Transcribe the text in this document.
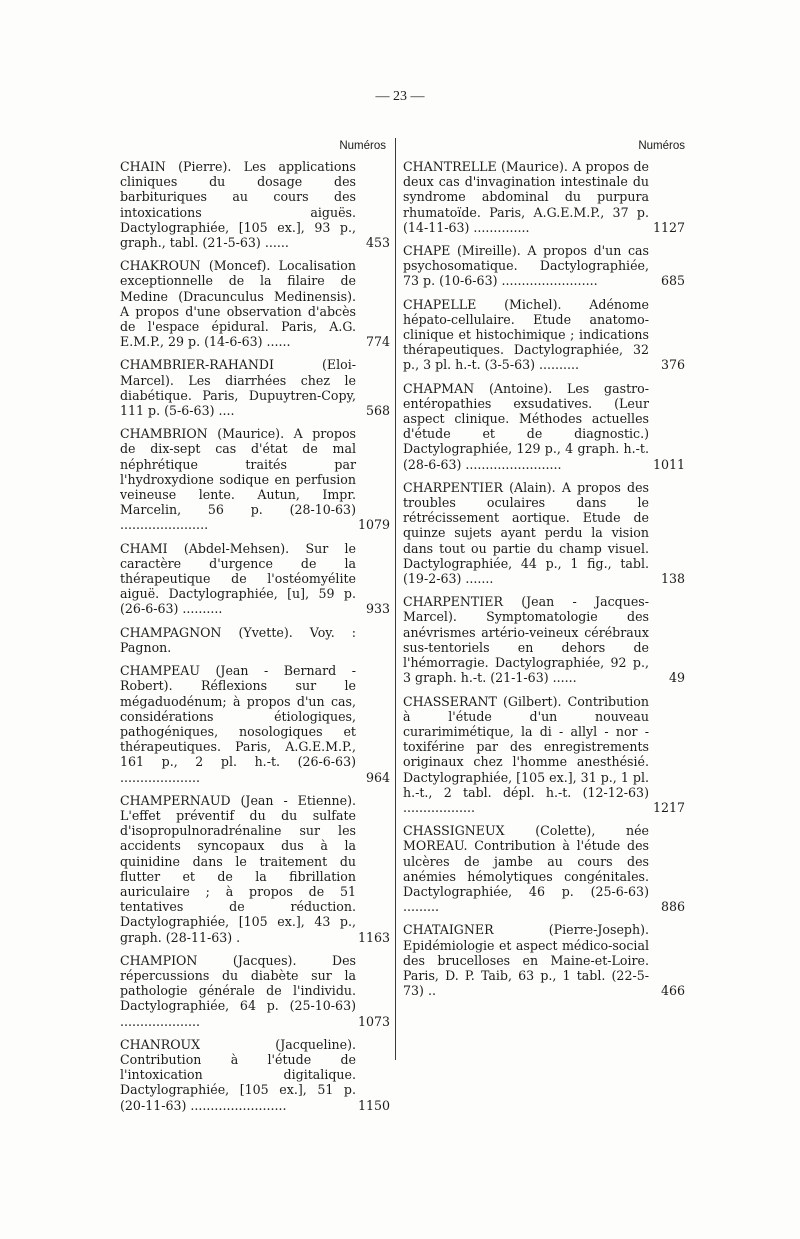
— 23 —
Numéros
CHAIN (Pierre). Les applications cliniques du dosage des barbituriques au cours des intoxications aiguës. Dactylographiée, [105 ex.], 93 p., graph., tabl. (21-5-63) ......	453
CHAKROUN (Moncef). Localisation exceptionnelle de la filaire de Medine (Dracunculus Medinensis). A propos d'une observation d'abcès de l'espace épidural. Paris, A.G. E.M.P., 29 p. (14-6-63) ......	774
CHAMBRIER-RAHANDI (Eloi-Marcel). Les diarrhées chez le diabétique. Paris, Dupuytren-Copy, 111 p. (5-6-63) ....	568
CHAMBRION (Maurice). A propos de dix-sept cas d'état de mal néphrétique traités par l'hydroxydione sodique en perfusion veineuse lente. Autun, Impr. Marcelin, 56 p. (28-10-63) ......................	1079
CHAMI (Abdel-Mehsen). Sur le caractère d'urgence de la thérapeutique de l'ostéomyélite aiguë. Dactylographiée, [u], 59 p. (26-6-63) ..........	933
CHAMPAGNON (Yvette). Voy. : Pagnon.
CHAMPEAU (Jean - Bernard - Robert). Réflexions sur le mégaduodénum; à propos d'un cas, considérations étiologiques, pathogéniques, nosologiques et thérapeutiques. Paris, A.G.E.M.P., 161 p., 2 pl. h.-t. (26-6-63) ....................	964
CHAMPERNAUD (Jean - Etienne). L'effet préventif du du sulfate d'isopropulnoradrénaline sur les accidents syncopaux dus à la quinidine dans le traitement du flutter et de la fibrillation auriculaire ; à propos de 51 tentatives de réduction. Dactylographiée, [105 ex.], 43 p., graph. (28-11-63) .	1163
CHAMPION (Jacques). Des répercussions du diabète sur la pathologie générale de l'individu. Dactylographiée, 64 p. (25-10-63) ....................	1073
CHANROUX (Jacqueline). Contribution à l'étude de l'intoxication digitalique. Dactylographiée, [105 ex.], 51 p. (20-11-63) ........................	1150
Numéros
CHANTRELLE (Maurice). A propos de deux cas d'invagination intestinale du syndrome abdominal du purpura rhumatoïde. Paris, A.G.E.M.P., 37 p. (14-11-63) ..............	1127
CHAPE (Mireille). A propos d'un cas psychosomatique. Dactylographiée, 73 p. (10-6-63) ........................	685
CHAPELLE (Michel). Adénome hépato-cellulaire. Etude anatomo-clinique et histochimique ; indications thérapeutiques. Dactylographiée, 32 p., 3 pl. h.-t. (3-5-63) ..........	376
CHAPMAN (Antoine). Les gastro-entéropathies exsudatives. (Leur aspect clinique. Méthodes actuelles d'étude et de diagnostic.) Dactylographiée, 129 p., 4 graph. h.-t. (28-6-63) ........................	1011
CHARPENTIER (Alain). A propos des troubles oculaires dans le rétrécissement aortique. Etude de quinze sujets ayant perdu la vision dans tout ou partie du champ visuel. Dactylographiée, 44 p., 1 fig., tabl. (19-2-63) .......	138
CHARPENTIER (Jean - Jacques-Marcel). Symptomatologie des anévrismes artério-veineux cérébraux sus-tentoriels en dehors de l'hémorragie. Dactylographiée, 92 p., 3 graph. h.-t. (21-1-63) ......	49
CHASSERANT (Gilbert). Contribution à l'étude d'un nouveau curarimimétique, la di - allyl - nor - toxiférine par des enregistrements originaux chez l'homme anesthésié. Dactylographiée, [105 ex.], 31 p., 1 pl. h.-t., 2 tabl. dépl. h.-t. (12-12-63) ..................	1217
CHASSIGNEUX (Colette), née MOREAU. Contribution à l'étude des ulcères de jambe au cours des anémies hémolytiques congénitales. Dactylographiée, 46 p. (25-6-63) .........	886
CHATAIGNER (Pierre-Joseph). Epidémiologie et aspect médico-social des brucelloses en Maine-et-Loire. Paris, D. P. Taib, 63 p., 1 tabl. (22-5-73) ..	466
